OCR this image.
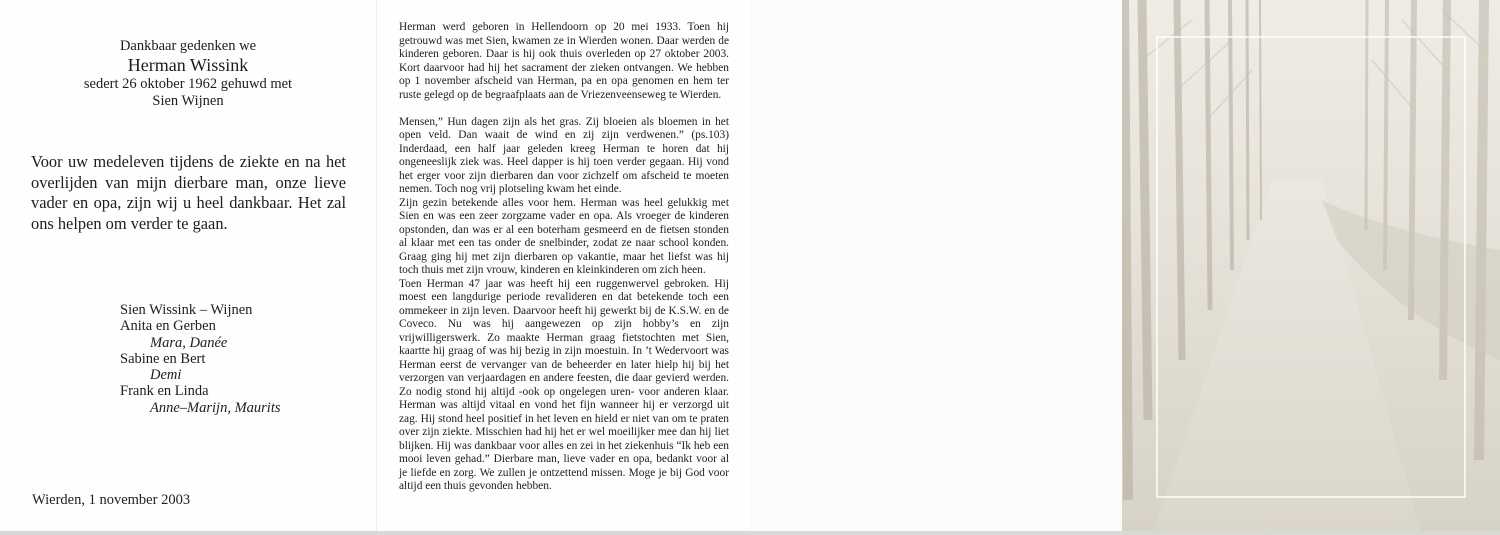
Dankbaar gedenken we
Herman Wissink
sedert 26 oktober 1962 gehuwd met
Sien Wijnen
Voor uw medeleven tijdens de ziekte en na het overlijden van mijn dierbare man, onze lieve vader en opa, zijn wij u heel dankbaar. Het zal ons helpen om verder te gaan.
Sien Wissink – Wijnen
Anita en Gerben
Mara, Danée
Sabine en Bert
Demi
Frank en Linda
Anne–Marijn, Maurits
Wierden, 1 november 2003

Herman werd geboren in Hellendoorn op 20 mei 1933. Toen hij getrouwd was met Sien, kwamen ze in Wierden wonen. Daar werden de kinderen geboren. Daar is hij ook thuis overleden op 27 oktober 2003. Kort daarvoor had hij het sacrament der zieken ontvangen. We hebben op 1 november afscheid van Herman, pa en opa genomen en hem ter ruste gelegd op de begraafplaats aan de Vriezenveenseweg te Wierden.

Mensen,” Hun dagen zijn als het gras. Zij bloeien als bloemen in het open veld. Dan waait de wind en zij zijn verdwenen.” (ps.103) Inderdaad, een half jaar geleden kreeg Herman te horen dat hij ongeneeslijk ziek was. Heel dapper is hij toen verder gegaan. Hij vond het erger voor zijn dierbaren dan voor zichzelf om afscheid te moeten nemen. Toch nog vrij plotseling kwam het einde.

Zijn gezin betekende alles voor hem. Herman was heel gelukkig met Sien en was een zeer zorgzame vader en opa. Als vroeger de kinderen opstonden, dan was er al een boterham gesmeerd en de fietsen stonden al klaar met een tas onder de snelbinder, zodat ze naar school konden. Graag ging hij met zijn dierbaren op vakantie, maar het liefst was hij toch thuis met zijn vrouw, kinderen en kleinkinderen om zich heen.

Toen Herman 47 jaar was heeft hij een ruggenwervel gebroken. Hij moest een langdurige periode revalideren en dat betekende toch een ommekeer in zijn leven. Daarvoor heeft hij gewerkt bij de K.S.W. en de Coveco. Nu was hij aangewezen op zijn hobby’s en zijn vrijwilligerswerk. Zo maakte Herman graag fietstochten met Sien, kaartte hij graag of was hij bezig in zijn moestuin. In ’t Wedervoort was Herman eerst de vervanger van de beheerder en later hielp hij bij het verzorgen van verjaardagen en andere feesten, die daar gevierd werden. Zo nodig stond hij altijd -ook op ongelegen uren- voor anderen klaar. Herman was altijd vitaal en vond het fijn wanneer hij er verzorgd uit zag. Hij stond heel positief in het leven en hield er niet van om te praten over zijn ziekte. Misschien had hij het er wel moeilijker mee dan hij liet blijken. Hij was dankbaar voor alles en zei in het ziekenhuis “Ik heb een mooi leven gehad.” Dierbare man, lieve vader en opa, bedankt voor al je liefde en zorg. We zullen je ontzettend missen. Moge je bij God voor altijd een thuis gevonden hebben.
